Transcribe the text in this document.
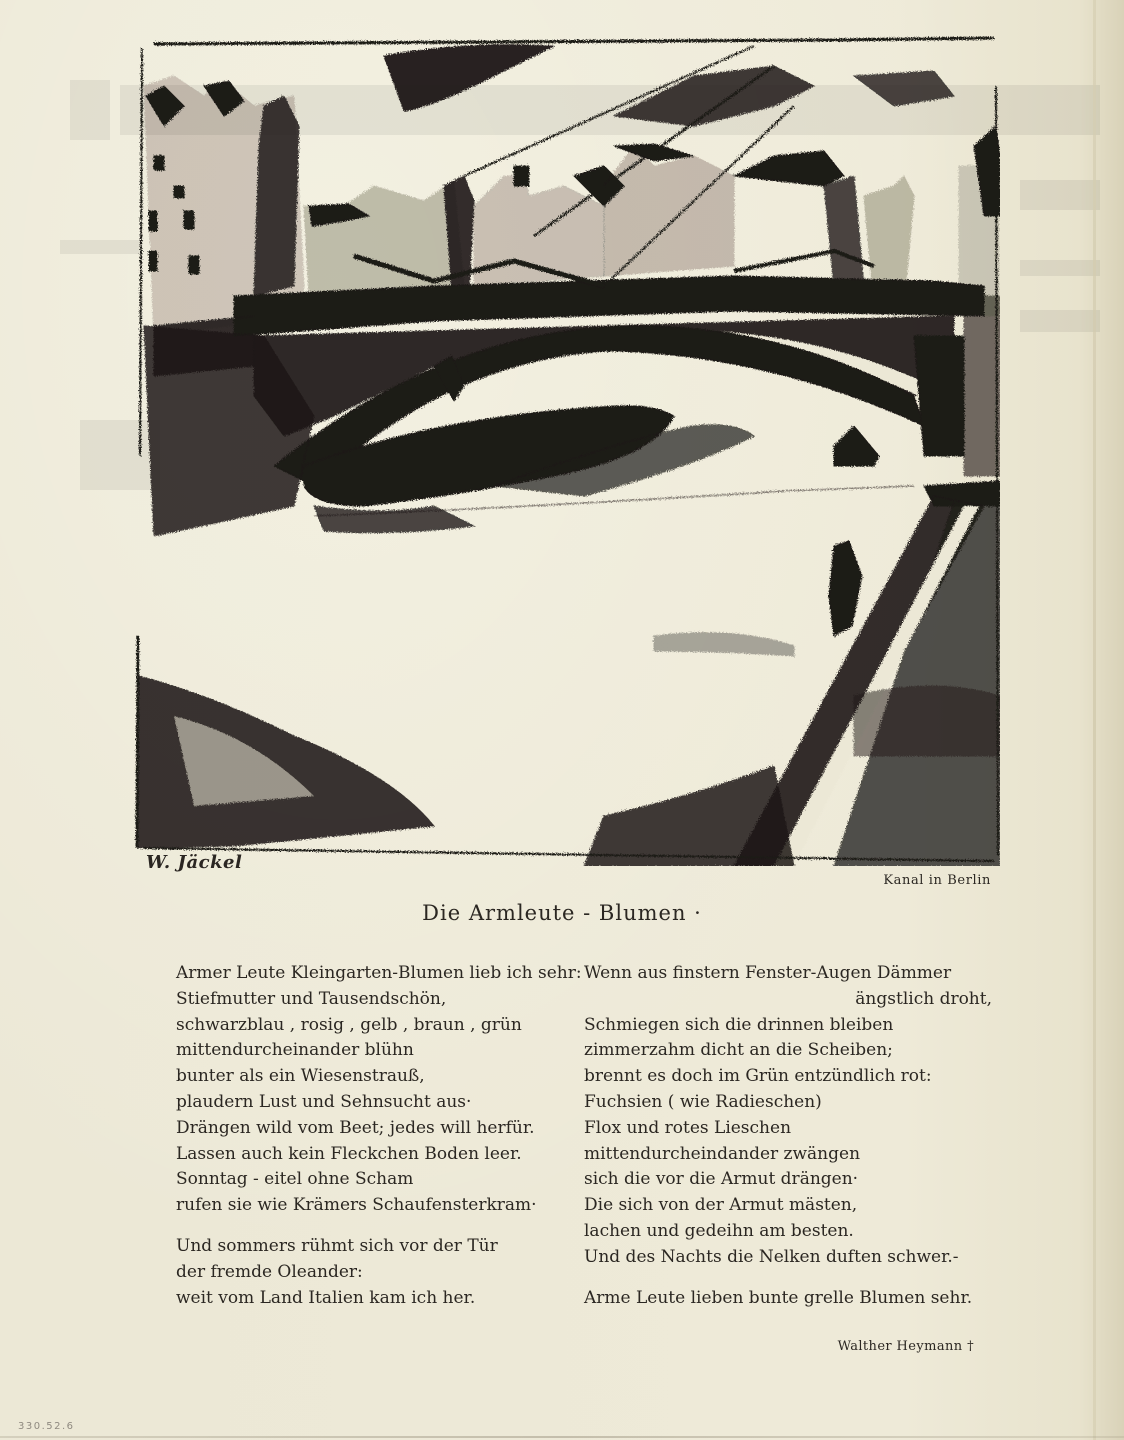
W. Jäckel
Kanal in Berlin
Die Armleute - Blumen ·
Armer Leute Kleingarten-Blumen lieb ich sehr:
Stiefmutter und Tausendschön,
schwarzblau , rosig , gelb , braun , grün
mittendurcheinander blühn
bunter als ein Wiesenstrauß,
plaudern Lust und Sehnsucht aus·
Drängen wild vom Beet; jedes will herfür.
Lassen auch kein Fleckchen Boden leer.
Sonntag - eitel ohne Scham
rufen sie wie Krämers Schaufensterkram·
Und sommers rühmt sich vor der Tür
der fremde Oleander:
weit vom Land Italien kam ich her.
Wenn aus finstern Fenster-Augen Dämmer
ängstlich droht,
Schmiegen sich die drinnen bleiben
zimmerzahm dicht an die Scheiben;
brennt es doch im Grün entzündlich rot:
Fuchsien ( wie Radieschen)
Flox und rotes Lieschen
mittendurcheindander zwängen
sich die vor die Armut drängen·
Die sich von der Armut mästen,
lachen und gedeihn am besten.
Und des Nachts die Nelken duften schwer.-
Arme Leute lieben bunte grelle Blumen sehr.
Walther Heymann †
330.52.6
